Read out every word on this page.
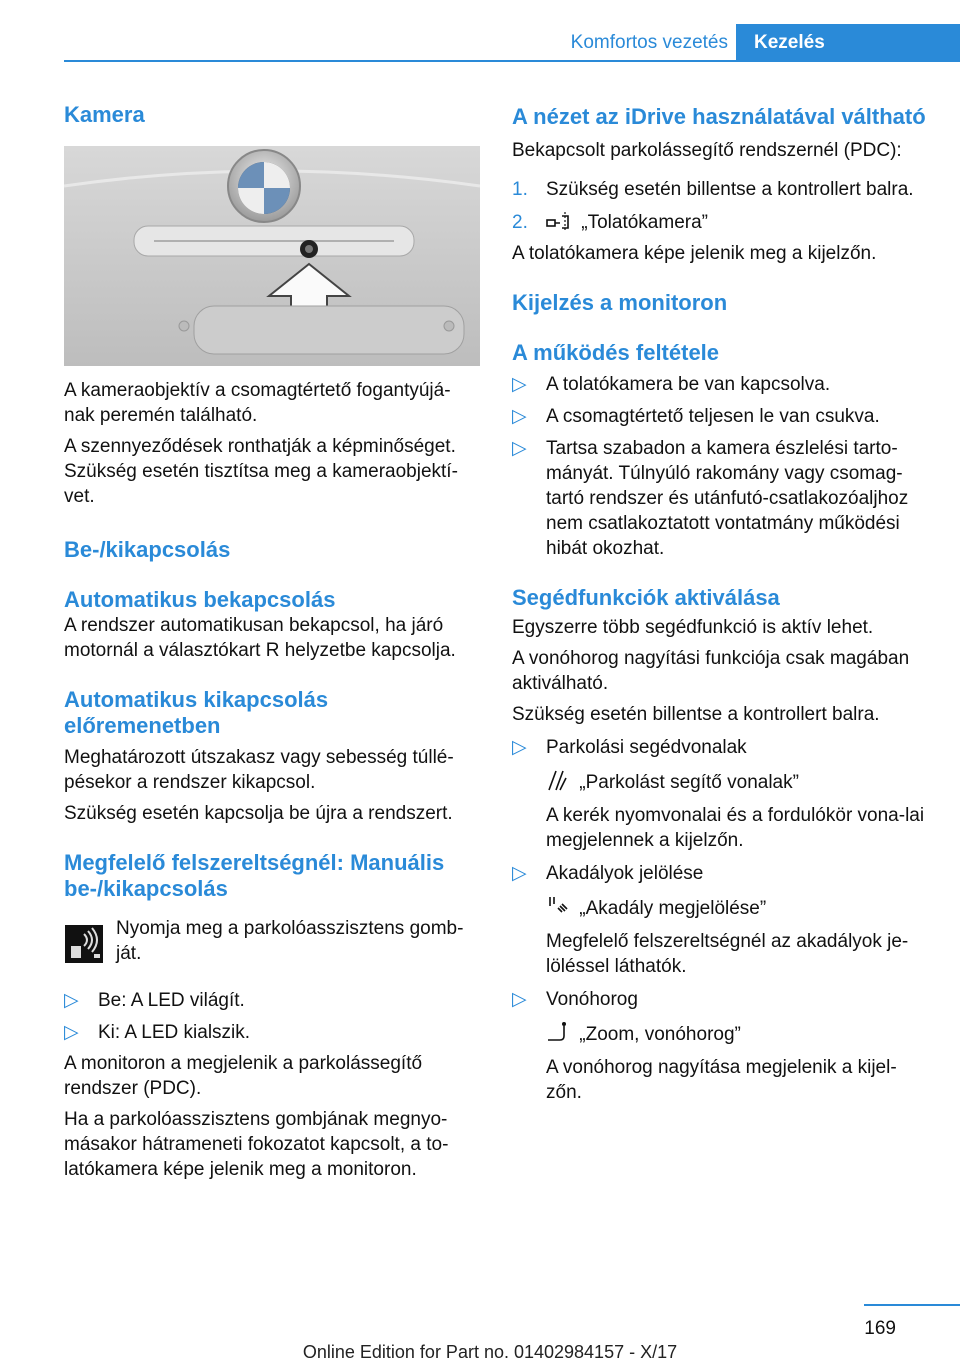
Komfortos vezetés	Kezelés
Kamera

A kameraobjektív a csomagtértető fogantyújá-nak peremén található.

A szennyeződések ronthatják a képminőséget. Szükség esetén tisztítsa meg a kameraobjektí-vet.

Be-/kikapcsolás
Automatikus bekapcsolás

A rendszer automatikusan bekapcsol, ha járó motornál a választókart R helyzetbe kapcsolja.

Automatikus kikapcsolás előremenetben

Meghatározott útszakasz vagy sebesség túllé-pésekor a rendszer kikapcsol.

Szükség esetén kapcsolja be újra a rendszert.

Megfelelő felszereltségnél: Manuális be-/kikapcsolás

Nyomja meg a parkolóasszisztens gomb-ját.

▷	Be: A LED világít.
▷	Ki: A LED kialszik.

A monitoron a megjelenik a parkolássegítő rendszer (PDC).

Ha a parkolóasszisztens gombjának megnyo-másakor hátrameneti fokozatot kapcsolt, a to-latókamera képe jelenik meg a monitoron.

A nézet az iDrive használatával váltható

Bekapcsolt parkolássegítő rendszernél (PDC):

1. Szükség esetén billentse a kontrollert balra.
2.	„Tolatókamera”

A tolatókamera képe jelenik meg a kijelzőn.

Kijelzés a monitoron
A működés feltétele
▷	A tolatókamera be van kapcsolva.
▷	A csomagtértető teljesen le van csukva.
▷	Tartsa szabadon a kamera észlelési tarto-mányát. Túlnyúló rakomány vagy csomag-tartó rendszer és utánfutó-csatlakozóaljhoz nem csatlakoztatott vontatmány működési hibát okozhat.
Segédfunkciók aktiválása

Egyszerre több segédfunkció is aktív lehet.

A vonóhorog nagyítási funkciója csak magában aktiválható.

Szükség esetén billentse a kontrollert balra.

▷	Parkolási segédvonalak
„Parkolást segítő vonalak”
A kerék nyomvonalai és a fordulókör vona-lai megjelennek a kijelzőn.
▷	Akadályok jelölése
„Akadály megjelölése”
Megfelelő felszereltségnél az akadályok je-löléssel láthatók.
▷	Vonóhorog
„Zoom, vonóhorog”
A vonóhorog nagyítása megjelenik a kijel-zőn.
169
Online Edition for Part no. 01402984157 - X/17
